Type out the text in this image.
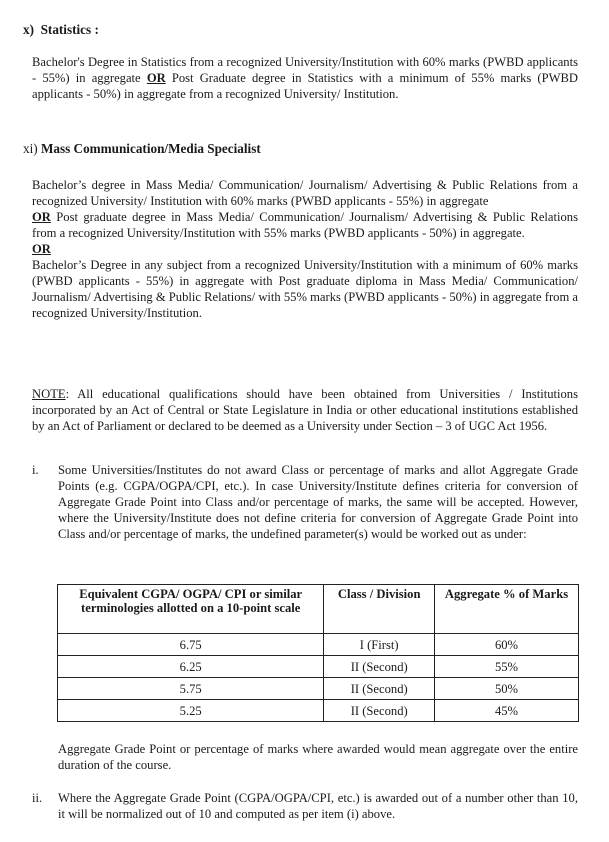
x) Statistics :

Bachelor's Degree in Statistics from a recognized University/Institution with 60% marks (PWBD applicants - 55%) in aggregate OR Post Graduate degree in Statistics with a minimum of 55% marks (PWBD applicants - 50%) in aggregate from a recognized University/ Institution.

xi) Mass Communication/Media Specialist

Bachelor’s degree in Mass Media/ Communication/ Journalism/ Advertising & Public Relations from a recognized University/ Institution with 60% marks (PWBD applicants - 55%) in aggregate

OR Post graduate degree in Mass Media/ Communication/ Journalism/ Advertising & Public Relations from a recognized University/Institution with 55% marks (PWBD applicants - 50%) in aggregate.

OR

Bachelor’s Degree in any subject from a recognized University/Institution with a minimum of 60% marks (PWBD applicants - 55%) in aggregate with Post graduate diploma in Mass Media/ Communication/ Journalism/ Advertising & Public Relations/ with 55% marks (PWBD applicants - 50%) in aggregate from a recognized University/Institution.

NOTE: All educational qualifications should have been obtained from Universities / Institutions incorporated by an Act of Central or State Legislature in India or other educational institutions established by an Act of Parliament or declared to be deemed as a University under Section – 3 of UGC Act 1956.

i.	Some Universities/Institutes do not award Class or percentage of marks and allot Aggregate Grade Points (e.g. CGPA/OGPA/CPI, etc.). In case University/Institute defines criteria for conversion of Aggregate Grade Point into Class and/or percentage of marks, the same will be accepted. However, where the University/Institute does not define criteria for conversion of Aggregate Grade Point into Class and/or percentage of marks, the undefined parameter(s) would be worked out as under:
Equivalent CGPA/ OGPA/ CPI or similar terminologies allotted on a 10-point scale	Class / Division	Aggregate % of Marks
6.75	I (First)	60%
6.25	II (Second)	55%
5.75	II (Second)	50%
5.25	II (Second)	45%

Aggregate Grade Point or percentage of marks where awarded would mean aggregate over the entire duration of the course.

ii.	Where the Aggregate Grade Point (CGPA/OGPA/CPI, etc.) is awarded out of a number other than 10, it will be normalized out of 10 and computed as per item (i) above.
